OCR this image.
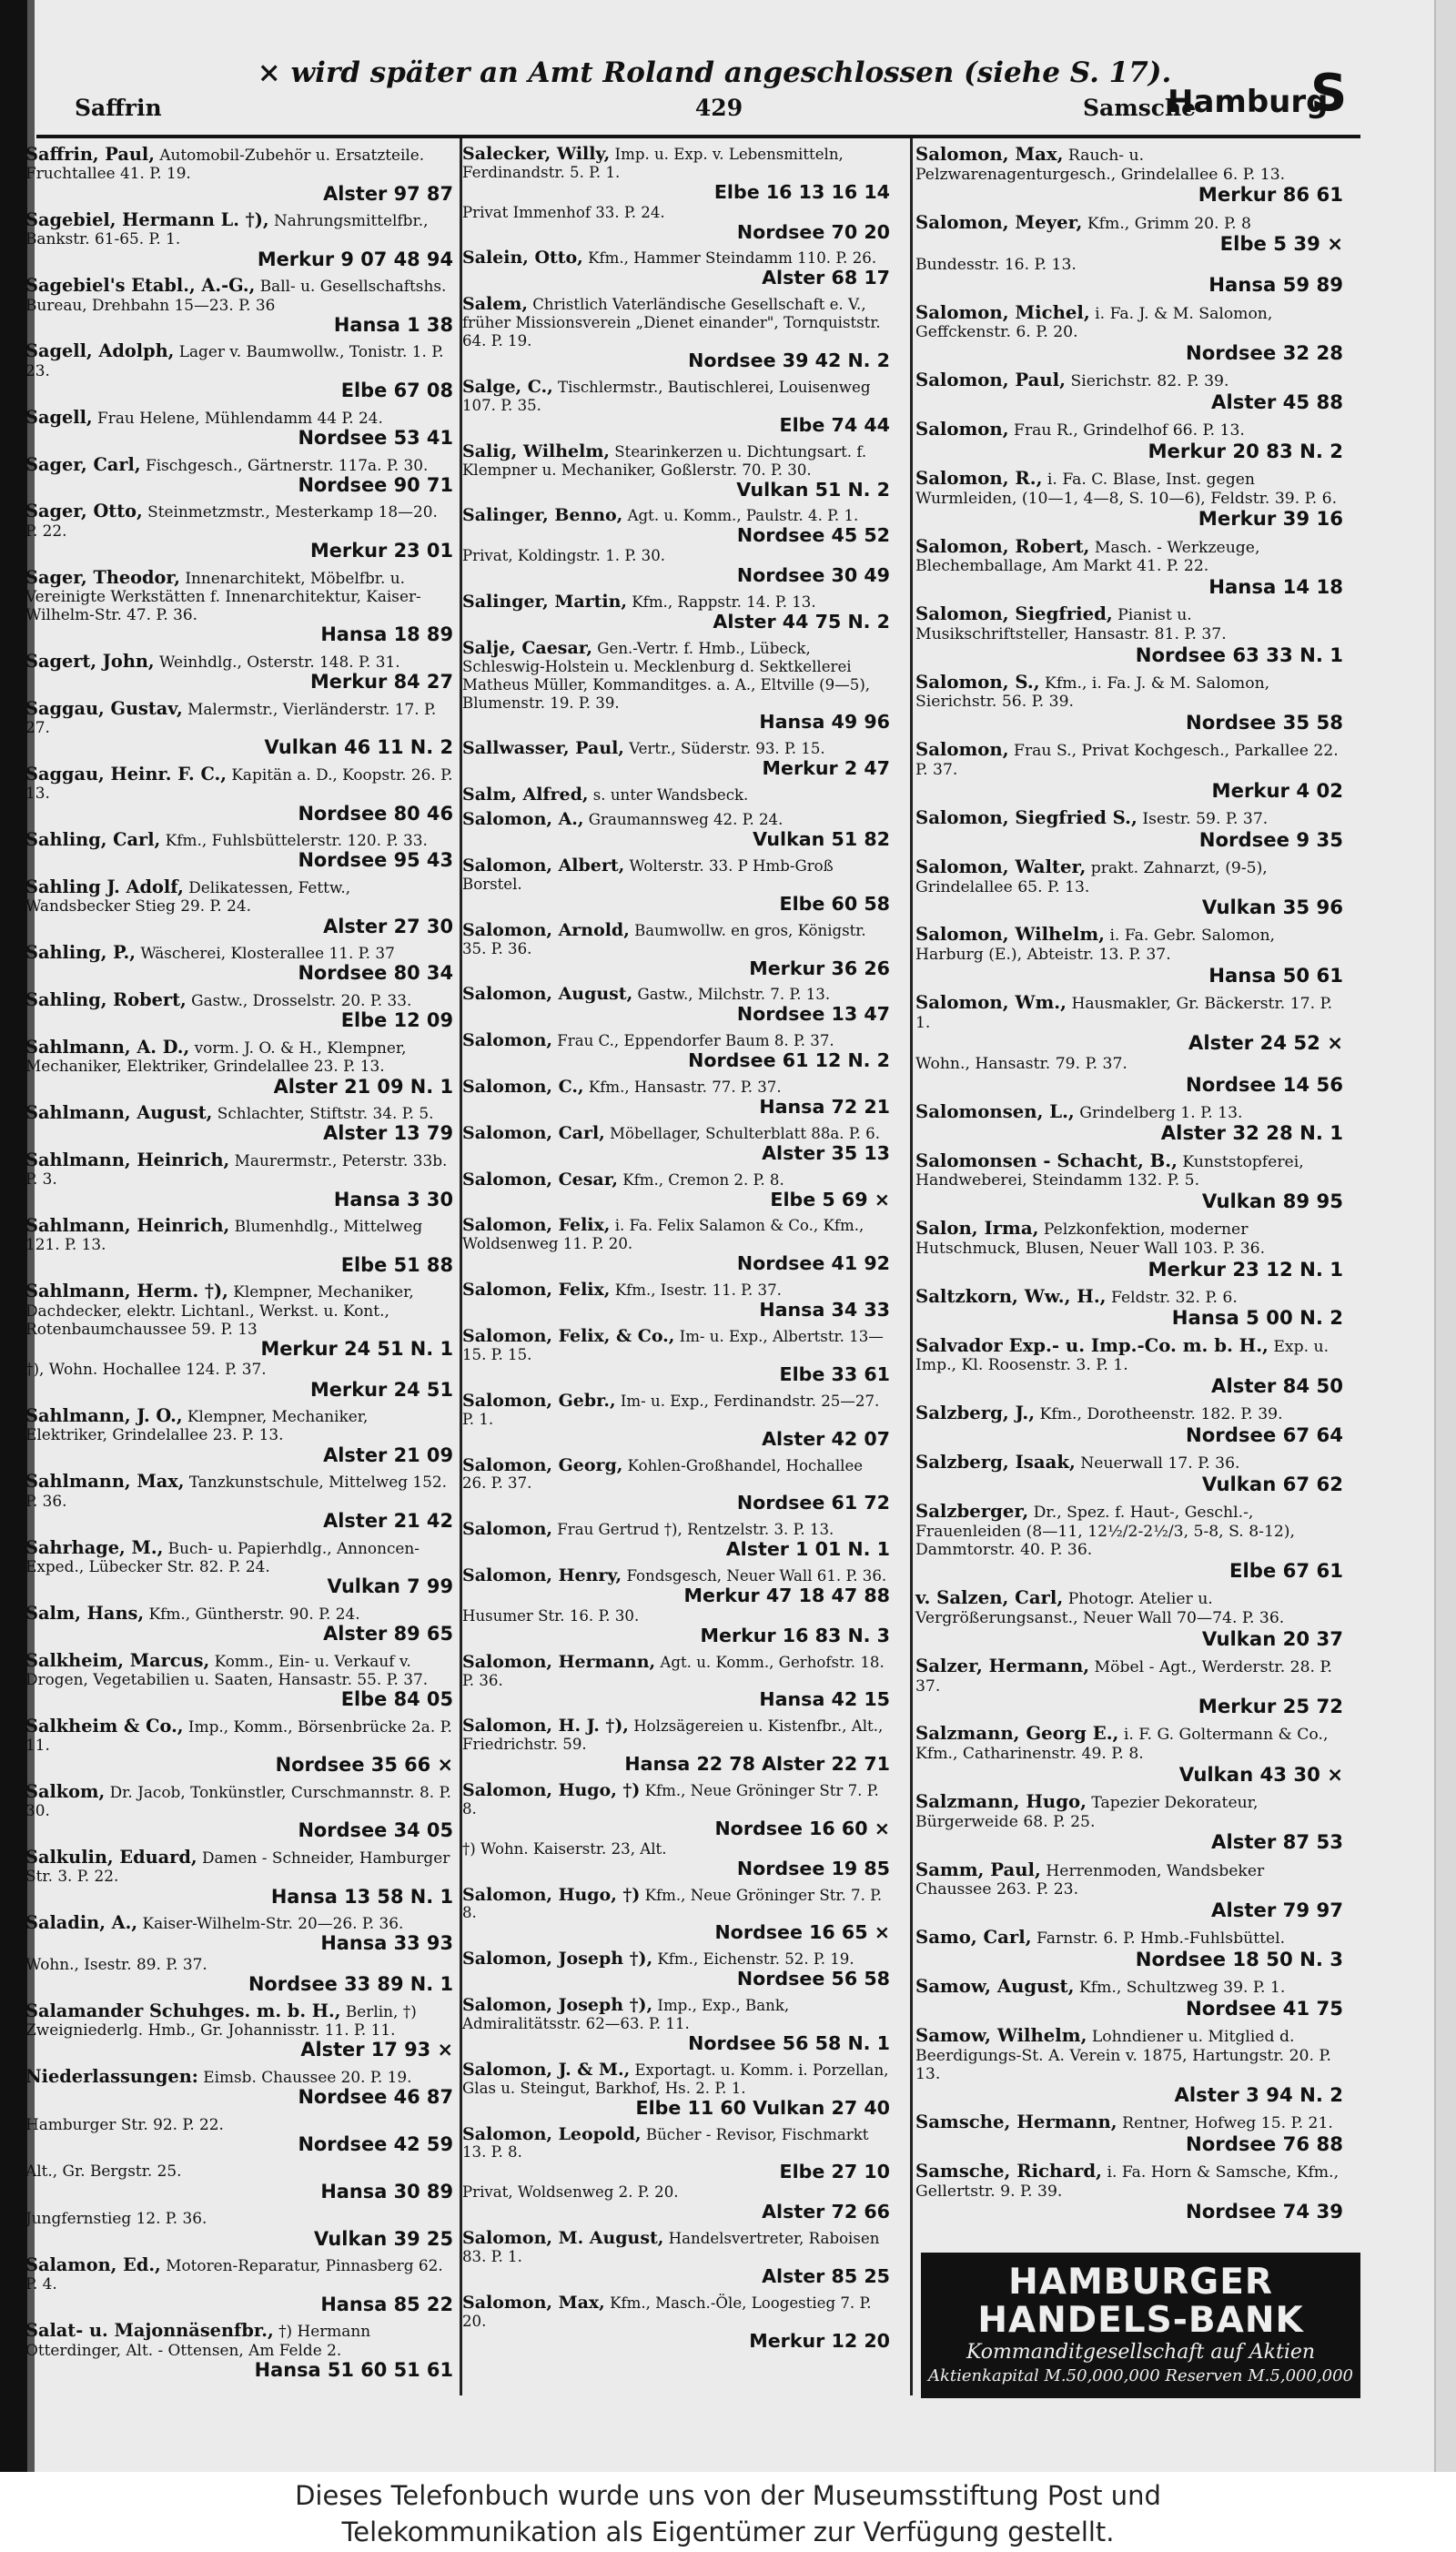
× wird später an Amt Roland angeschlossen (siehe S. 17).
Saffrin	429	Samsche
Hamburg
S
Saffrin, Paul, Automobil-Zubehör u. Ersatzteile. Fruchtallee 41. P. 19.
Alster 97 87
Sagebiel, Hermann L. †), Nahrungsmittelfbr., Bankstr. 61-65. P. 1.
Merkur 9 07 48 94
Sagebiel's Etabl., A.-G., Ball- u. Gesellschaftshs. Bureau, Drehbahn 15—23. P. 36
Hansa 1 38
Sagell, Adolph, Lager v. Baumwollw., Tonistr. 1. P. 23.
Elbe 67 08
Sagell, Frau Helene, Mühlendamm 44 P. 24.
Nordsee 53 41
Sager, Carl, Fischgesch., Gärtnerstr. 117a. P. 30.
Nordsee 90 71
Sager, Otto, Steinmetzmstr., Mesterkamp 18—20. P. 22.
Merkur 23 01
Sager, Theodor, Innenarchitekt, Möbelfbr. u. Vereinigte Werkstätten f. Innenarchitektur, Kaiser-Wilhelm-Str. 47. P. 36.
Hansa 18 89
Sagert, John, Weinhdlg., Osterstr. 148. P. 31.
Merkur 84 27
Saggau, Gustav, Malermstr., Vierländerstr. 17. P. 27.
Vulkan 46 11 N. 2
Saggau, Heinr. F. C., Kapitän a. D., Koopstr. 26. P. 13.
Nordsee 80 46
Sahling, Carl, Kfm., Fuhlsbüttelerstr. 120. P. 33.
Nordsee 95 43
Sahling J. Adolf, Delikatessen, Fettw., Wandsbecker Stieg 29. P. 24.
Alster 27 30
Sahling, P., Wäscherei, Klosterallee 11. P. 37
Nordsee 80 34
Sahling, Robert, Gastw., Drosselstr. 20. P. 33.
Elbe 12 09
Sahlmann, A. D., vorm. J. O. & H., Klempner, Mechaniker, Elektriker, Grindelallee 23. P. 13.
Alster 21 09 N. 1
Sahlmann, August, Schlachter, Stiftstr. 34. P. 5.
Alster 13 79
Sahlmann, Heinrich, Maurermstr., Peterstr. 33b. P. 3.
Hansa 3 30
Sahlmann, Heinrich, Blumenhdlg., Mittelweg 121. P. 13.
Elbe 51 88
Sahlmann, Herm. †), Klempner, Mechaniker, Dachdecker, elektr. Lichtanl., Werkst. u. Kont., Rotenbaumchaussee 59. P. 13
Merkur 24 51 N. 1
†), Wohn. Hochallee 124. P. 37.
Merkur 24 51
Sahlmann, J. O., Klempner, Mechaniker, Elektriker, Grindelallee 23. P. 13.
Alster 21 09
Sahlmann, Max, Tanzkunstschule, Mittelweg 152. P. 36.
Alster 21 42
Sahrhage, M., Buch- u. Papierhdlg., Annoncen-Exped., Lübecker Str. 82. P. 24.
Vulkan 7 99
Salm, Hans, Kfm., Güntherstr. 90. P. 24.
Alster 89 65
Salkheim, Marcus, Komm., Ein- u. Verkauf v. Drogen, Vegetabilien u. Saaten, Hansastr. 55. P. 37.
Elbe 84 05
Salkheim & Co., Imp., Komm., Börsenbrücke 2a. P. 11.
Nordsee 35 66 ×
Salkom, Dr. Jacob, Tonkünstler, Curschmannstr. 8. P. 30.
Nordsee 34 05
Salkulin, Eduard, Damen - Schneider, Hamburger Str. 3. P. 22.
Hansa 13 58 N. 1
Saladin, A., Kaiser-Wilhelm-Str. 20—26. P. 36.
Hansa 33 93
Wohn., Isestr. 89. P. 37.
Nordsee 33 89 N. 1
Salamander Schuhges. m. b. H., Berlin, †) Zweigniederlg. Hmb., Gr. Johannisstr. 11. P. 11.
Alster 17 93 ×
Niederlassungen: Eimsb. Chaussee 20. P. 19.
Nordsee 46 87
Hamburger Str. 92. P. 22.
Nordsee 42 59
Alt., Gr. Bergstr. 25.
Hansa 30 89
Jungfernstieg 12. P. 36.
Vulkan 39 25
Salamon, Ed., Motoren-Reparatur, Pinnasberg 62. P. 4.
Hansa 85 22
Salat- u. Majonnäsenfbr., †) Hermann Otterdinger, Alt. - Ottensen, Am Felde 2.
Hansa 51 60 51 61
Salecker, Willy, Imp. u. Exp. v. Lebensmitteln, Ferdinandstr. 5. P. 1.
Elbe 16 13 16 14
Privat Immenhof 33. P. 24.
Nordsee 70 20
Salein, Otto, Kfm., Hammer Steindamm 110. P. 26.
Alster 68 17
Salem, Christlich Vaterländische Gesellschaft e. V., früher Missionsverein „Dienet einander", Tornquiststr. 64. P. 19.
Nordsee 39 42 N. 2
Salge, C., Tischlermstr., Bautischlerei, Louisenweg 107. P. 35.
Elbe 74 44
Salig, Wilhelm, Stearinkerzen u. Dichtungsart. f. Klempner u. Mechaniker, Goßlerstr. 70. P. 30.
Vulkan 51 N. 2
Salinger, Benno, Agt. u. Komm., Paulstr. 4. P. 1.
Nordsee 45 52
Privat, Koldingstr. 1. P. 30.
Nordsee 30 49
Salinger, Martin, Kfm., Rappstr. 14. P. 13.
Alster 44 75 N. 2
Salje, Caesar, Gen.-Vertr. f. Hmb., Lübeck, Schleswig-Holstein u. Mecklenburg d. Sektkellerei Matheus Müller, Kommanditges. a. A., Eltville (9—5), Blumenstr. 19. P. 39.
Hansa 49 96
Sallwasser, Paul, Vertr., Süderstr. 93. P. 15.
Merkur 2 47
Salm, Alfred, s. unter Wandsbeck.
Salomon, A., Graumannsweg 42. P. 24.
Vulkan 51 82
Salomon, Albert, Wolterstr. 33. P Hmb-Groß Borstel.
Elbe 60 58
Salomon, Arnold, Baumwollw. en gros, Königstr. 35. P. 36.
Merkur 36 26
Salomon, August, Gastw., Milchstr. 7. P. 13.
Nordsee 13 47
Salomon, Frau C., Eppendorfer Baum 8. P. 37.
Nordsee 61 12 N. 2
Salomon, C., Kfm., Hansastr. 77. P. 37.
Hansa 72 21
Salomon, Carl, Möbellager, Schulterblatt 88a. P. 6.
Alster 35 13
Salomon, Cesar, Kfm., Cremon 2. P. 8.
Elbe 5 69 ×
Salomon, Felix, i. Fa. Felix Salamon & Co., Kfm., Woldsenweg 11. P. 20.
Nordsee 41 92
Salomon, Felix, Kfm., Isestr. 11. P. 37.
Hansa 34 33
Salomon, Felix, & Co., Im- u. Exp., Albertstr. 13—15. P. 15.
Elbe 33 61
Salomon, Gebr., Im- u. Exp., Ferdinandstr. 25—27. P. 1.
Alster 42 07
Salomon, Georg, Kohlen-Großhandel, Hochallee 26. P. 37.
Nordsee 61 72
Salomon, Frau Gertrud †), Rentzelstr. 3. P. 13.
Alster 1 01 N. 1
Salomon, Henry, Fondsgesch, Neuer Wall 61. P. 36.
Merkur 47 18 47 88
Husumer Str. 16. P. 30.
Merkur 16 83 N. 3
Salomon, Hermann, Agt. u. Komm., Gerhofstr. 18. P. 36.
Hansa 42 15
Salomon, H. J. †), Holzsägereien u. Kistenfbr., Alt., Friedrichstr. 59.
Hansa 22 78 Alster 22 71
Salomon, Hugo, †) Kfm., Neue Gröninger Str 7. P. 8.
Nordsee 16 60 ×
†) Wohn. Kaiserstr. 23, Alt.
Nordsee 19 85
Salomon, Hugo, †) Kfm., Neue Gröninger Str. 7. P. 8.
Nordsee 16 65 ×
Salomon, Joseph †), Kfm., Eichenstr. 52. P. 19.
Nordsee 56 58
Salomon, Joseph †), Imp., Exp., Bank, Admiralitätsstr. 62—63. P. 11.
Nordsee 56 58 N. 1
Salomon, J. & M., Exportagt. u. Komm. i. Porzellan, Glas u. Steingut, Barkhof, Hs. 2. P. 1.
Elbe 11 60 Vulkan 27 40
Salomon, Leopold, Bücher - Revisor, Fischmarkt 13. P. 8.
Elbe 27 10
Privat, Woldsenweg 2. P. 20.
Alster 72 66
Salomon, M. August, Handelsvertreter, Raboisen 83. P. 1.
Alster 85 25
Salomon, Max, Kfm., Masch.-Öle, Loogestieg 7. P. 20.
Merkur 12 20
Salomon, Max, Rauch- u. Pelzwarenagenturgesch., Grindelallee 6. P. 13.
Merkur 86 61
Salomon, Meyer, Kfm., Grimm 20. P. 8
Elbe 5 39 ×
Bundesstr. 16. P. 13.
Hansa 59 89
Salomon, Michel, i. Fa. J. & M. Salomon, Geffckenstr. 6. P. 20.
Nordsee 32 28
Salomon, Paul, Sierichstr. 82. P. 39.
Alster 45 88
Salomon, Frau R., Grindelhof 66. P. 13.
Merkur 20 83 N. 2
Salomon, R., i. Fa. C. Blase, Inst. gegen Wurmleiden, (10—1, 4—8, S. 10—6), Feldstr. 39. P. 6.
Merkur 39 16
Salomon, Robert, Masch. - Werkzeuge, Blechemballage, Am Markt 41. P. 22.
Hansa 14 18
Salomon, Siegfried, Pianist u. Musikschriftsteller, Hansastr. 81. P. 37.
Nordsee 63 33 N. 1
Salomon, S., Kfm., i. Fa. J. & M. Salomon, Sierichstr. 56. P. 39.
Nordsee 35 58
Salomon, Frau S., Privat Kochgesch., Parkallee 22. P. 37.
Merkur 4 02
Salomon, Siegfried S., Isestr. 59. P. 37.
Nordsee 9 35
Salomon, Walter, prakt. Zahnarzt, (9-5), Grindelallee 65. P. 13.
Vulkan 35 96
Salomon, Wilhelm, i. Fa. Gebr. Salomon, Harburg (E.), Abteistr. 13. P. 37.
Hansa 50 61
Salomon, Wm., Hausmakler, Gr. Bäckerstr. 17. P. 1.
Alster 24 52 ×
Wohn., Hansastr. 79. P. 37.
Nordsee 14 56
Salomonsen, L., Grindelberg 1. P. 13.
Alster 32 28 N. 1
Salomonsen - Schacht, B., Kunststopferei, Handweberei, Steindamm 132. P. 5.
Vulkan 89 95
Salon, Irma, Pelzkonfektion, moderner Hutschmuck, Blusen, Neuer Wall 103. P. 36.
Merkur 23 12 N. 1
Saltzkorn, Ww., H., Feldstr. 32. P. 6.
Hansa 5 00 N. 2
Salvador Exp.- u. Imp.-Co. m. b. H., Exp. u. Imp., Kl. Roosenstr. 3. P. 1.
Alster 84 50
Salzberg, J., Kfm., Dorotheenstr. 182. P. 39.
Nordsee 67 64
Salzberg, Isaak, Neuerwall 17. P. 36.
Vulkan 67 62
Salzberger, Dr., Spez. f. Haut-, Geschl.-, Frauenleiden (8—11, 12½/2-2½/3, 5-8, S. 8-12), Dammtorstr. 40. P. 36.
Elbe 67 61
v. Salzen, Carl, Photogr. Atelier u. Vergrößerungsanst., Neuer Wall 70—74. P. 36.
Vulkan 20 37
Salzer, Hermann, Möbel - Agt., Werderstr. 28. P. 37.
Merkur 25 72
Salzmann, Georg E., i. F. G. Goltermann & Co., Kfm., Catharinenstr. 49. P. 8.
Vulkan 43 30 ×
Salzmann, Hugo, Tapezier Dekorateur, Bürgerweide 68. P. 25.
Alster 87 53
Samm, Paul, Herrenmoden, Wandsbeker Chaussee 263. P. 23.
Alster 79 97
Samo, Carl, Farnstr. 6. P. Hmb.-Fuhlsbüttel.
Nordsee 18 50 N. 3
Samow, August, Kfm., Schultzweg 39. P. 1.
Nordsee 41 75
Samow, Wilhelm, Lohndiener u. Mitglied d. Beerdigungs-St. A. Verein v. 1875, Hartungstr. 20. P. 13.
Alster 3 94 N. 2
Samsche, Hermann, Rentner, Hofweg 15. P. 21.
Nordsee 76 88
Samsche, Richard, i. Fa. Horn & Samsche, Kfm., Gellertstr. 9. P. 39.
Nordsee 74 39
HAMBURGER
HANDELS-BANK
Kommanditgesellschaft auf Aktien
Aktienkapital M.50,000,000 Reserven M.5,000,000
Dieses Telefonbuch wurde uns von der Museumsstiftung Post und
Telekommunikation als Eigentümer zur Verfügung gestellt.
